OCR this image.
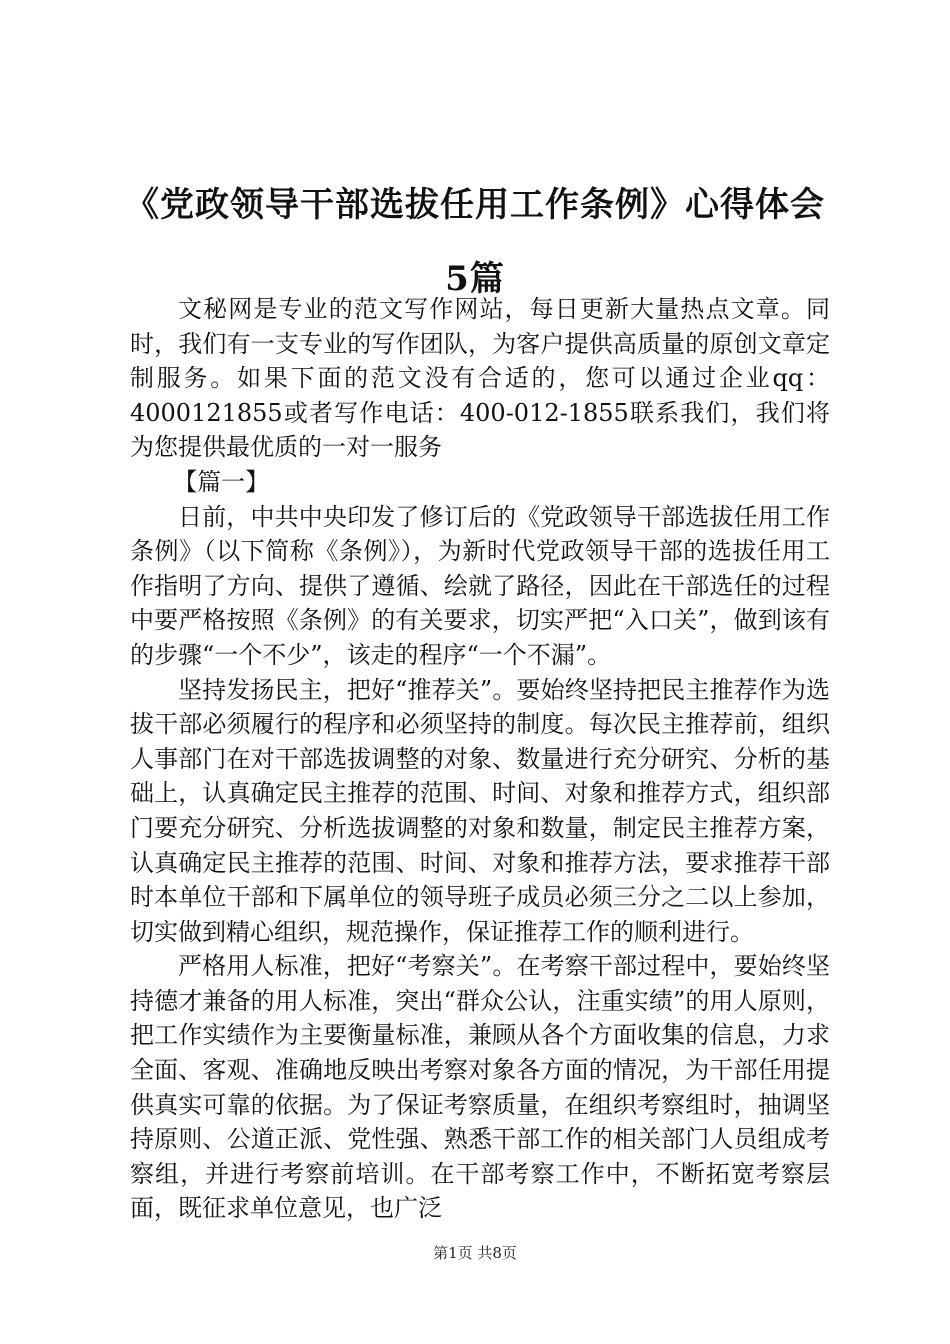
《党政领导干部选拔任用工作条例》心得体会
5篇

文秘网是专业的范文写作网站，每日更新大量热点文章。同时，我们有一支专业的写作团队，为客户提供高质量的原创文章定制服务。如果下面的范文没有合适的，您可以通过企业qq：4000121855或者写作电话：400-012-1855联系我们，我们将为您提供最优质的一对一服务

【篇一】

日前，中共中央印发了修订后的《党政领导干部选拔任用工作条例》（以下简称《条例》），为新时代党政领导干部的选拔任用工作指明了方向、提供了遵循、绘就了路径，因此在干部选任的过程中要严格按照《条例》的有关要求，切实严把“入口关”，做到该有的步骤“一个不少”，该走的程序“一个不漏”。

坚持发扬民主，把好“推荐关”。要始终坚持把民主推荐作为选拔干部必须履行的程序和必须坚持的制度。每次民主推荐前，组织人事部门在对干部选拔调整的对象、数量进行充分研究、分析的基础上，认真确定民主推荐的范围、时间、对象和推荐方式，组织部门要充分研究、分析选拔调整的对象和数量，制定民主推荐方案，认真确定民主推荐的范围、时间、对象和推荐方法，要求推荐干部时本单位干部和下属单位的领导班子成员必须三分之二以上参加，切实做到精心组织，规范操作，保证推荐工作的顺利进行。

严格用人标准，把好“考察关”。在考察干部过程中，要始终坚持德才兼备的用人标准，突出“群众公认，注重实绩”的用人原则，把工作实绩作为主要衡量标准，兼顾从各个方面收集的信息，力求全面、客观、准确地反映出考察对象各方面的情况，为干部任用提供真实可靠的依据。为了保证考察质量，在组织考察组时，抽调坚持原则、公道正派、党性强、熟悉干部工作的相关部门人员组成考察组，并进行考察前培训。在干部考察工作中，不断拓宽考察层面，既征求单位意见，也广泛

第1页 共8页
